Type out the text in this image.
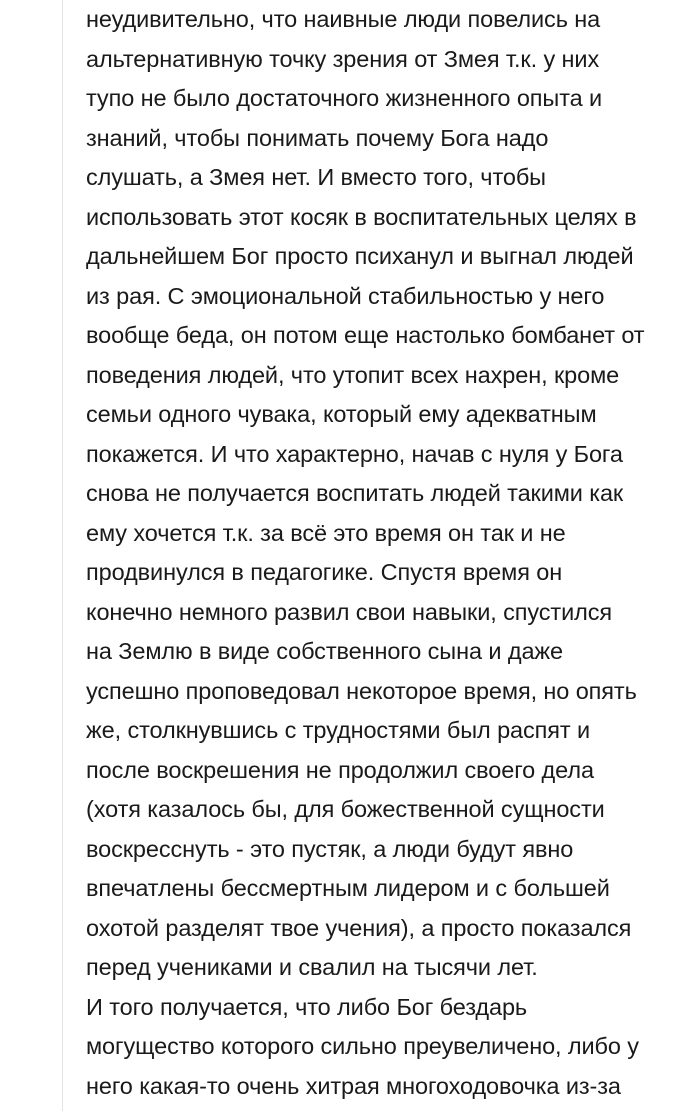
неудивительно, что наивные люди повелись на
альтернативную точку зрения от Змея т.к. у них
тупо не было достаточного жизненного опыта и
знаний, чтобы понимать почему Бога надо
слушать, а Змея нет. И вместо того, чтобы
использовать этот косяк в воспитательных целях в
дальнейшем Бог просто психанул и выгнал людей
из рая. С эмоциональной стабильностью у него
вообще беда, он потом еще настолько бомбанет от
поведения людей, что утопит всех нахрен, кроме
семьи одного чувака, который ему адекватным
покажется. И что характерно, начав с нуля у Бога
снова не получается воспитать людей такими как
ему хочется т.к. за всё это время он так и не
продвинулся в педагогике. Спустя время он
конечно немного развил свои навыки, спустился
на Землю в виде собственного сына и даже
успешно проповедовал некоторое время, но опять
же, столкнувшись с трудностями был распят и
после воскрешения не продолжил своего дела
(хотя казалось бы, для божественной сущности
воскресснуть - это пустяк, а люди будут явно
впечатлены бессмертным лидером и с большей
охотой разделят твое учения), а просто показался
перед учениками и свалил на тысячи лет.
И того получается, что либо Бог бездарь
могущество которого сильно преувеличено, либо у
него какая-то очень хитрая многоходовочка из-за
